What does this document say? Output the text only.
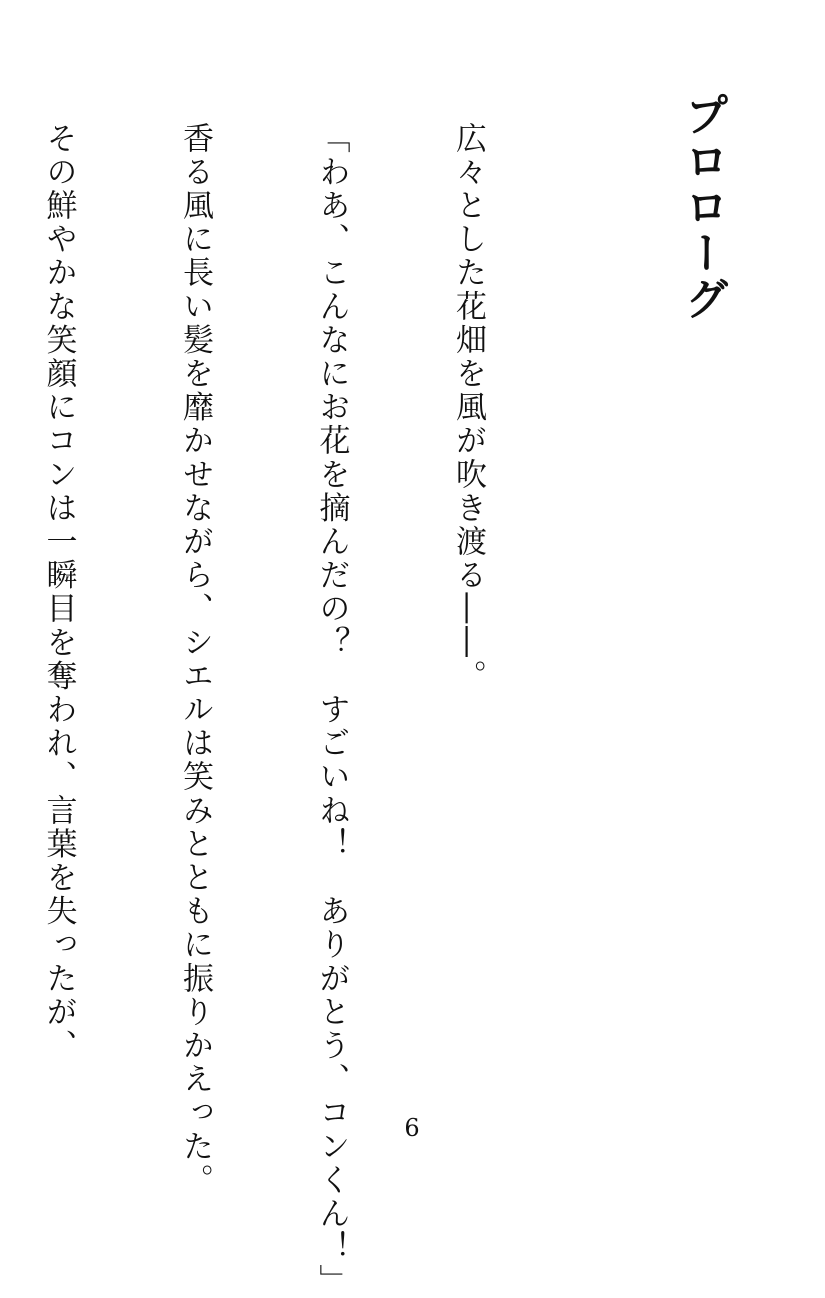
プロローグ

広々とした花畑を風が吹き渡る――。

「わあ、こんなにお花を摘んだの？　すごいね！　ありがとう、コンくん！」

香る風に長い髪を靡かせながら、シエルは笑みとともに振りかえった。

その鮮やかな笑顔にコンは一瞬目を奪われ、言葉を失ったが、

6
